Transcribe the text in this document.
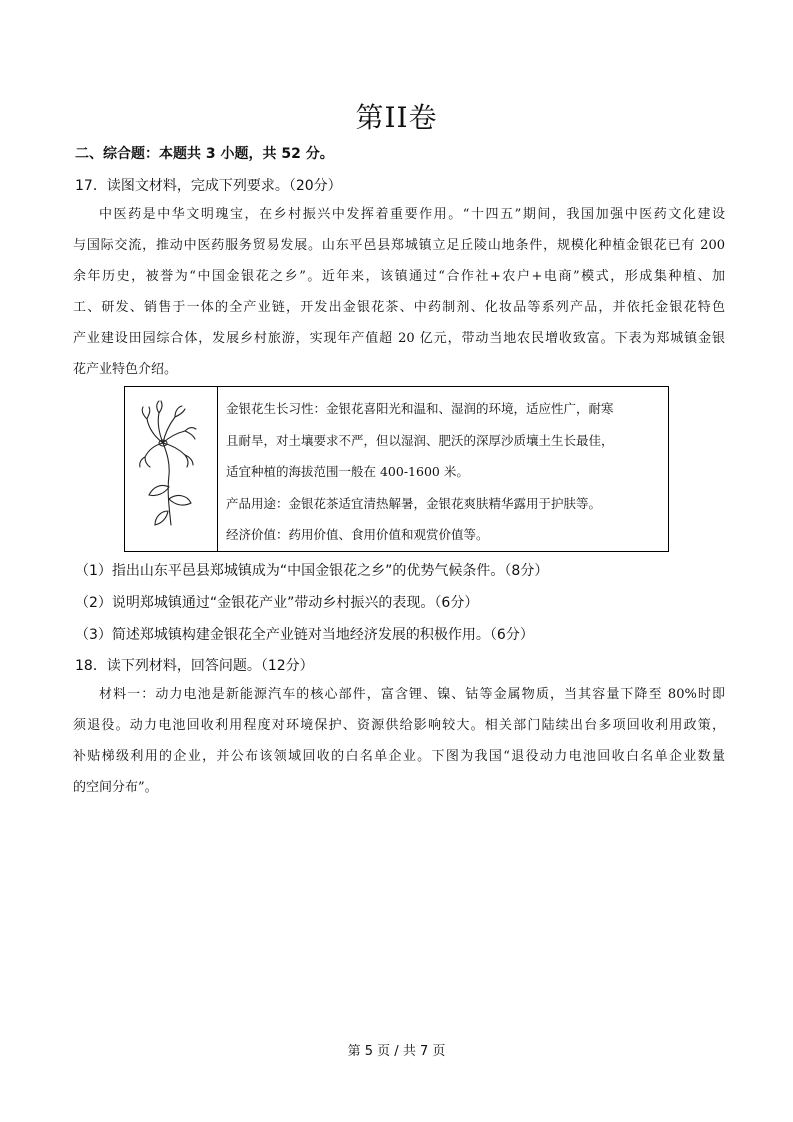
第II卷
二、综合题：本题共 3 小题，共 52 分。
17．读图文材料，完成下列要求。（20分）
中医药是中华文明瑰宝，在乡村振兴中发挥着重要作用。“十四五”期间，我国加强中医药文化建设
与国际交流，推动中医药服务贸易发展。山东平邑县郑城镇立足丘陵山地条件，规模化种植金银花已有 200
余年历史，被誉为“中国金银花之乡”。近年来，该镇通过“合作社+农户+电商”模式，形成集种植、加
工、研发、销售于一体的全产业链，开发出金银花茶、中药制剂、化妆品等系列产品，并依托金银花特色
产业建设田园综合体，发展乡村旅游，实现年产值超 20 亿元，带动当地农民增收致富。下表为郑城镇金银
花产业特色介绍。
金银花生长习性：金银花喜阳光和温和、湿润的环境，适应性广，耐寒
且耐旱，对土壤要求不严，但以湿润、肥沃的深厚沙质壤土生长最佳，
适宜种植的海拔范围一般在 400-1600 米。
产品用途：金银花茶适宜清热解暑，金银花爽肤精华露用于护肤等。
经济价值：药用价值、食用价值和观赏价值等。
（1）指出山东平邑县郑城镇成为“中国金银花之乡”的优势气候条件。（8分）
（2）说明郑城镇通过“金银花产业”带动乡村振兴的表现。（6分）
（3）简述郑城镇构建金银花全产业链对当地经济发展的积极作用。（6分）
18．读下列材料，回答问题。（12分）
材料一：动力电池是新能源汽车的核心部件，富含锂、镍、钴等金属物质，当其容量下降至 80%时即
须退役。动力电池回收利用程度对环境保护、资源供给影响较大。相关部门陆续出台多项回收利用政策，
补贴梯级利用的企业，并公布该领域回收的白名单企业。下图为我国“退役动力电池回收白名单企业数量
的空间分布”。
第 5 页 / 共 7 页
